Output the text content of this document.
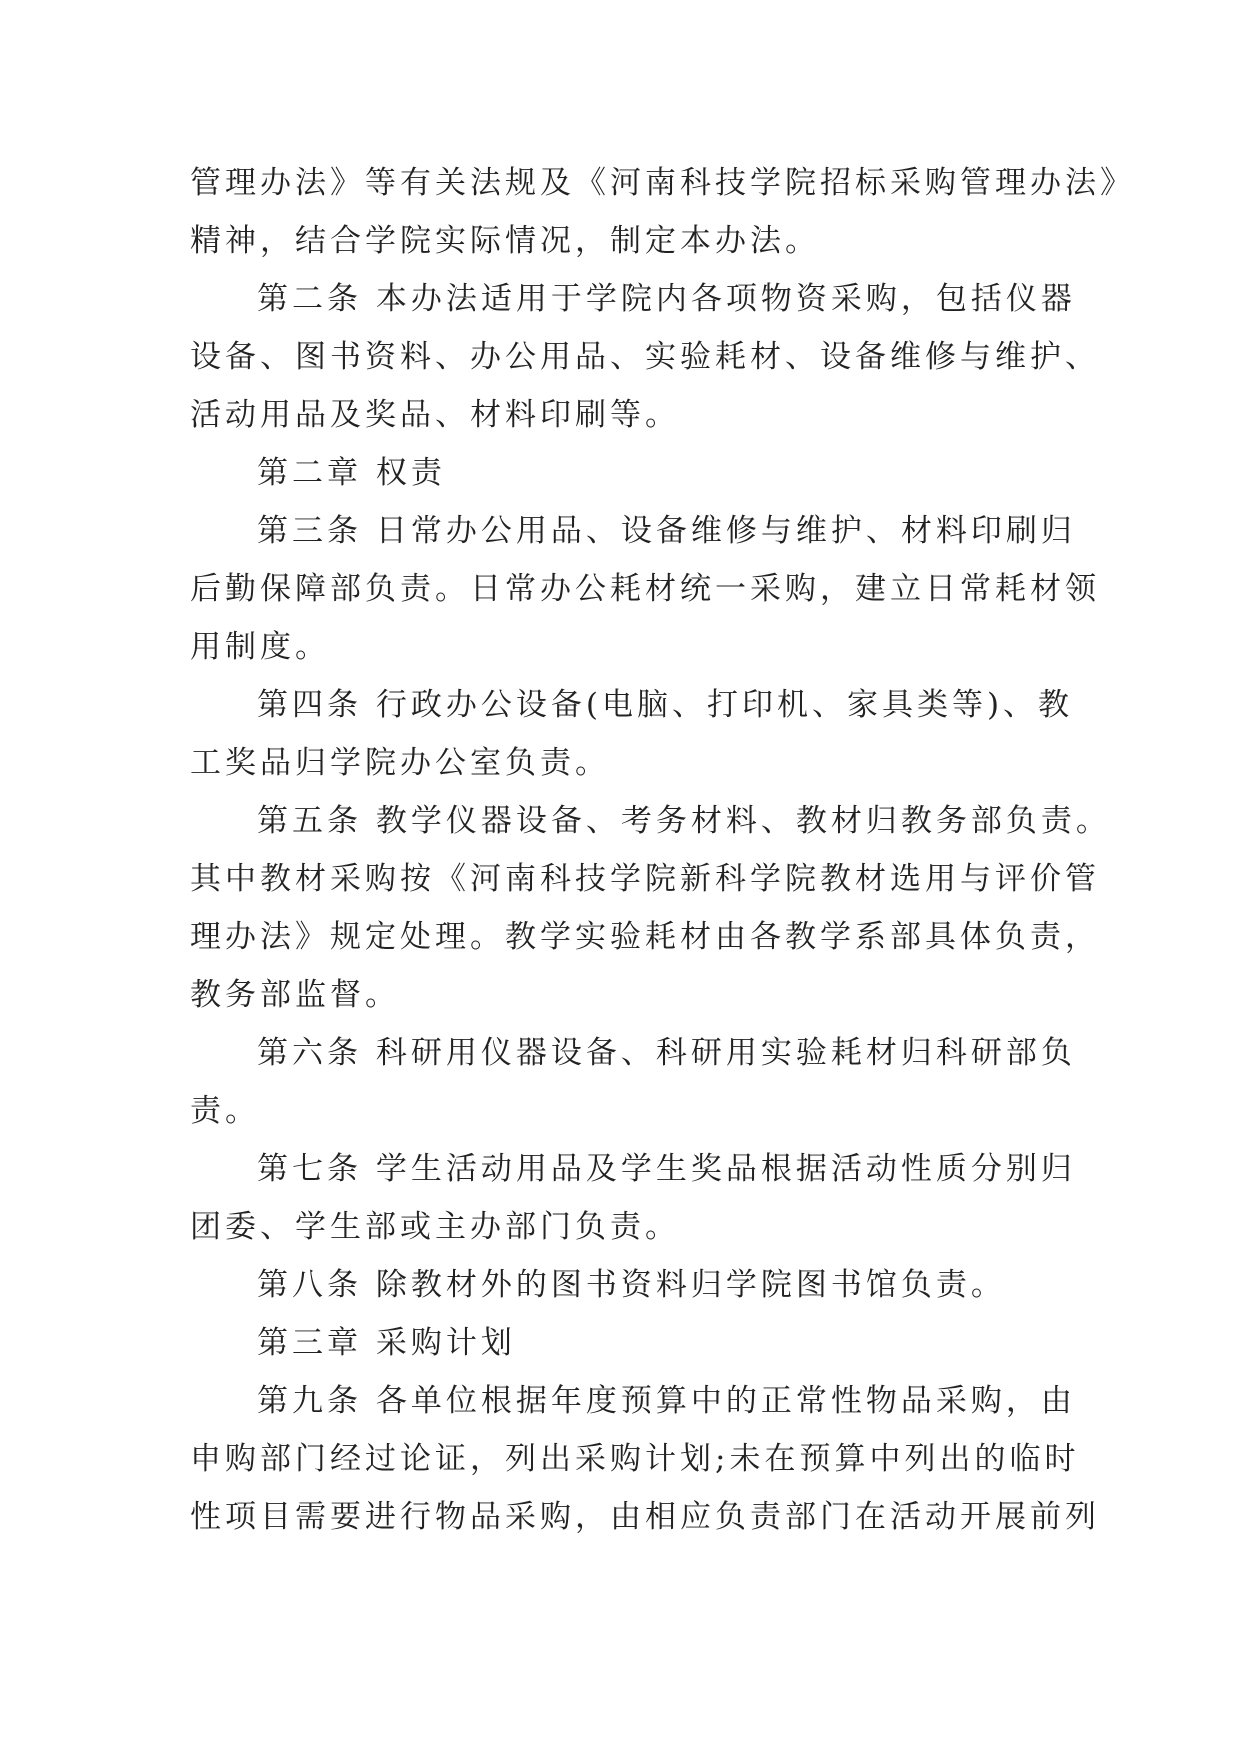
管理办法》等有关法规及《河南科技学院招标采购管理办法》
精神，结合学院实际情况，制定本办法。
第二条 本办法适用于学院内各项物资采购，包括仪器
设备、图书资料、办公用品、实验耗材、设备维修与维护、
活动用品及奖品、材料印刷等。
第二章 权责
第三条 日常办公用品、设备维修与维护、材料印刷归
后勤保障部负责。日常办公耗材统一采购，建立日常耗材领
用制度。
第四条 行政办公设备(电脑、打印机、家具类等)、教
工奖品归学院办公室负责。
第五条 教学仪器设备、考务材料、教材归教务部负责。
其中教材采购按《河南科技学院新科学院教材选用与评价管
理办法》规定处理。教学实验耗材由各教学系部具体负责，
教务部监督。
第六条 科研用仪器设备、科研用实验耗材归科研部负
责。
第七条 学生活动用品及学生奖品根据活动性质分别归
团委、学生部或主办部门负责。
第八条 除教材外的图书资料归学院图书馆负责。
第三章 采购计划
第九条 各单位根据年度预算中的正常性物品采购，由
申购部门经过论证，列出采购计划;未在预算中列出的临时
性项目需要进行物品采购，由相应负责部门在活动开展前列
